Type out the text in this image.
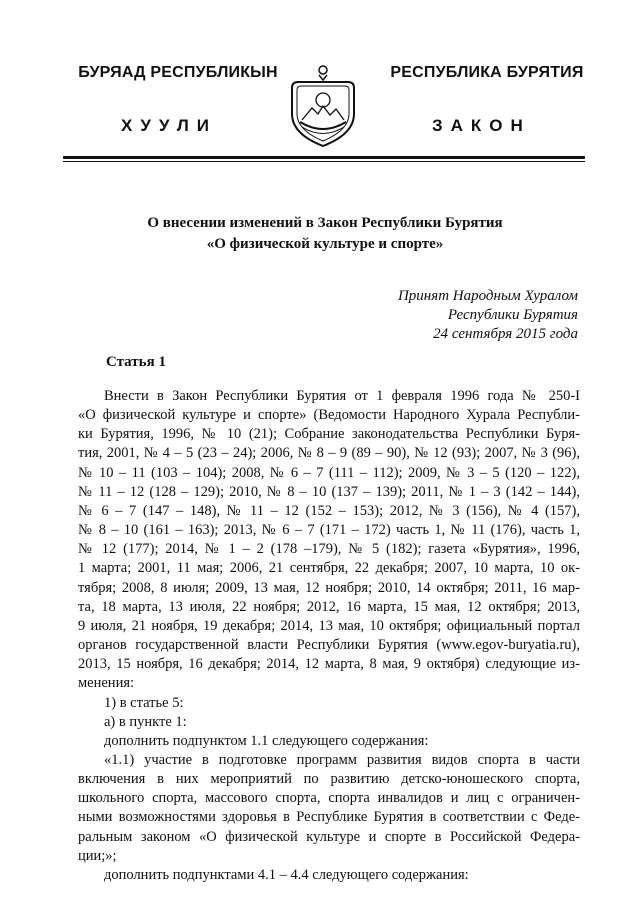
БУРЯАД РЕСПУБЛИКЫН	РЕСПУБЛИКА БУРЯТИЯ
ХУУЛИ	ЗАКОН
О внесении изменений в Закон Республики Бурятия
«О физической культуре и спорте»
Принят Народным Хуралом
Республики Бурятия
24 сентября 2015 года
Статья 1
Внести в Закон Республики Бурятия от 1 февраля 1996 года № 250-I
«О физической культуре и спорте» (Ведомости Народного Хурала Республи-
ки Бурятия, 1996, № 10 (21); Собрание законодательства Республики Буря-
тия, 2001, № 4 – 5 (23 – 24); 2006, № 8 – 9 (89 – 90), № 12 (93); 2007, № 3 (96),
№ 10 – 11 (103 – 104); 2008, № 6 – 7 (111 – 112); 2009, № 3 – 5 (120 – 122),
№ 11 – 12 (128 – 129); 2010, № 8 – 10 (137 – 139); 2011, № 1 – 3 (142 – 144),
№ 6 – 7 (147 – 148), № 11 – 12 (152 – 153); 2012, № 3 (156), № 4 (157),
№ 8 – 10 (161 – 163); 2013, № 6 – 7 (171 – 172) часть 1, № 11 (176), часть 1,
№ 12 (177); 2014, № 1 – 2 (178 –179), № 5 (182); газета «Бурятия», 1996,
1 марта; 2001, 11 мая; 2006, 21 сентября, 22 декабря; 2007, 10 марта, 10 ок-
тября; 2008, 8 июля; 2009, 13 мая, 12 ноября; 2010, 14 октября; 2011, 16 мар-
та, 18 марта, 13 июля, 22 ноября; 2012, 16 марта, 15 мая, 12 октября; 2013,
9 июля, 21 ноября, 19 декабря; 2014, 13 мая, 10 октября; официальный портал
органов государственной власти Республики Бурятия (www.egov-buryatia.ru),
2013, 15 ноября, 16 декабря; 2014, 12 марта, 8 мая, 9 октября) следующие из-
менения:
1) в статье 5:
а) в пункте 1:
дополнить подпунктом 1.1 следующего содержания:
«1.1) участие в подготовке программ развития видов спорта в части
включения в них мероприятий по развитию детско-юношеского спорта,
школьного спорта, массового спорта, спорта инвалидов и лиц с ограничен-
ными возможностями здоровья в Республике Бурятия в соответствии с Феде-
ральным законом «О физической культуре и спорте в Российской Федера-
ции;»;
дополнить подпунктами 4.1 – 4.4 следующего содержания:
